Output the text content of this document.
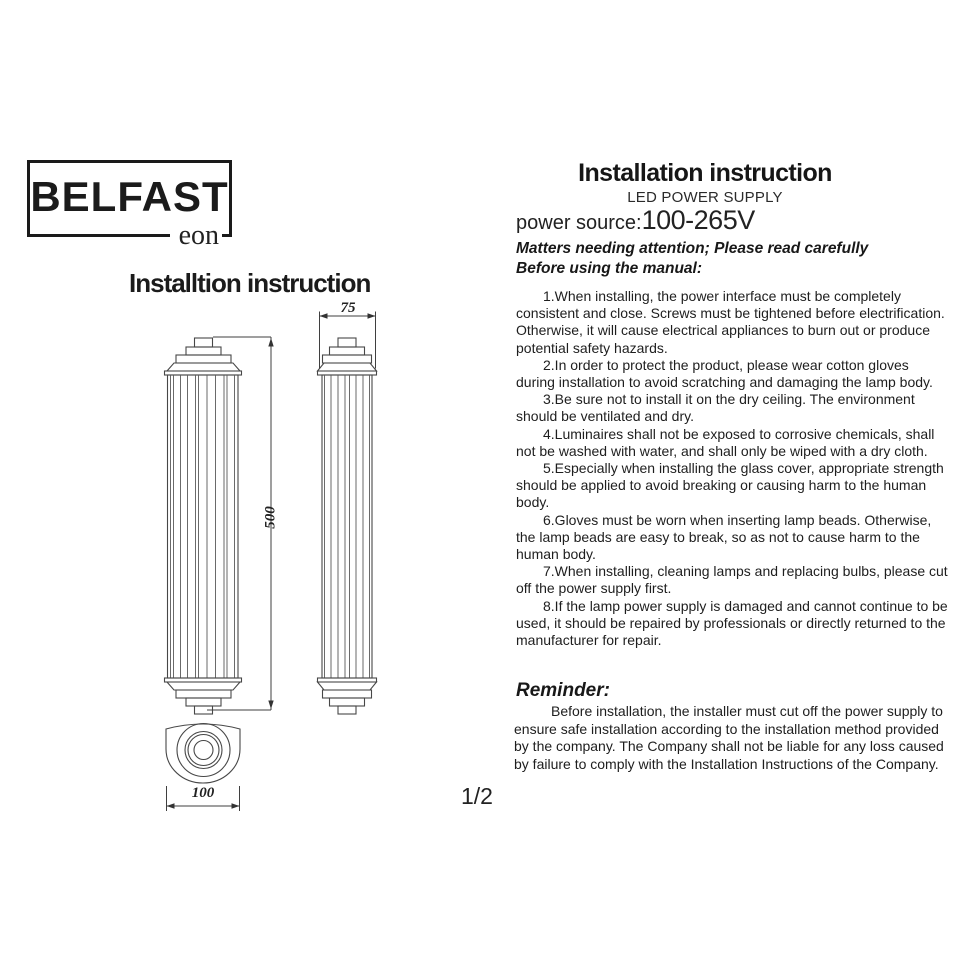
BELFAST
eon
Installtion instruction
75
500
100
Installation instruction
LED POWER SUPPLY
power source:100-265V
Matters needing attention; Please read carefully
Before using the manual:

1.When installing, the power interface must be completely consistent and close. Screws must be tightened before electrification. Otherwise, it will cause electrical appliances to burn out or produce potential safety hazards.

2.In order to protect the product, please wear cotton gloves during installation to avoid scratching and damaging the lamp body.

3.Be sure not to install it on the dry ceiling. The environment should be ventilated and dry.

4.Luminaires shall not be exposed to corrosive chemicals, shall not be washed with water, and shall only be wiped with a dry cloth.

5.Especially when installing the glass cover, appropriate strength should be applied to avoid breaking or causing harm to the human body.

6.Gloves must be worn when inserting lamp beads. Otherwise, the lamp beads are easy to break, so as not to cause harm to the human body.

7.When installing, cleaning lamps and replacing bulbs, please cut off the power supply first.

8.If the lamp power supply is damaged and cannot continue to be used, it should be repaired by professionals or directly returned to the manufacturer for repair.

Reminder:
Before installation, the installer must cut off the power supply to ensure safe installation according to the installation method provided by the company. The Company shall not be liable for any loss caused by failure to comply with the Installation Instructions of the Company.
1/2
